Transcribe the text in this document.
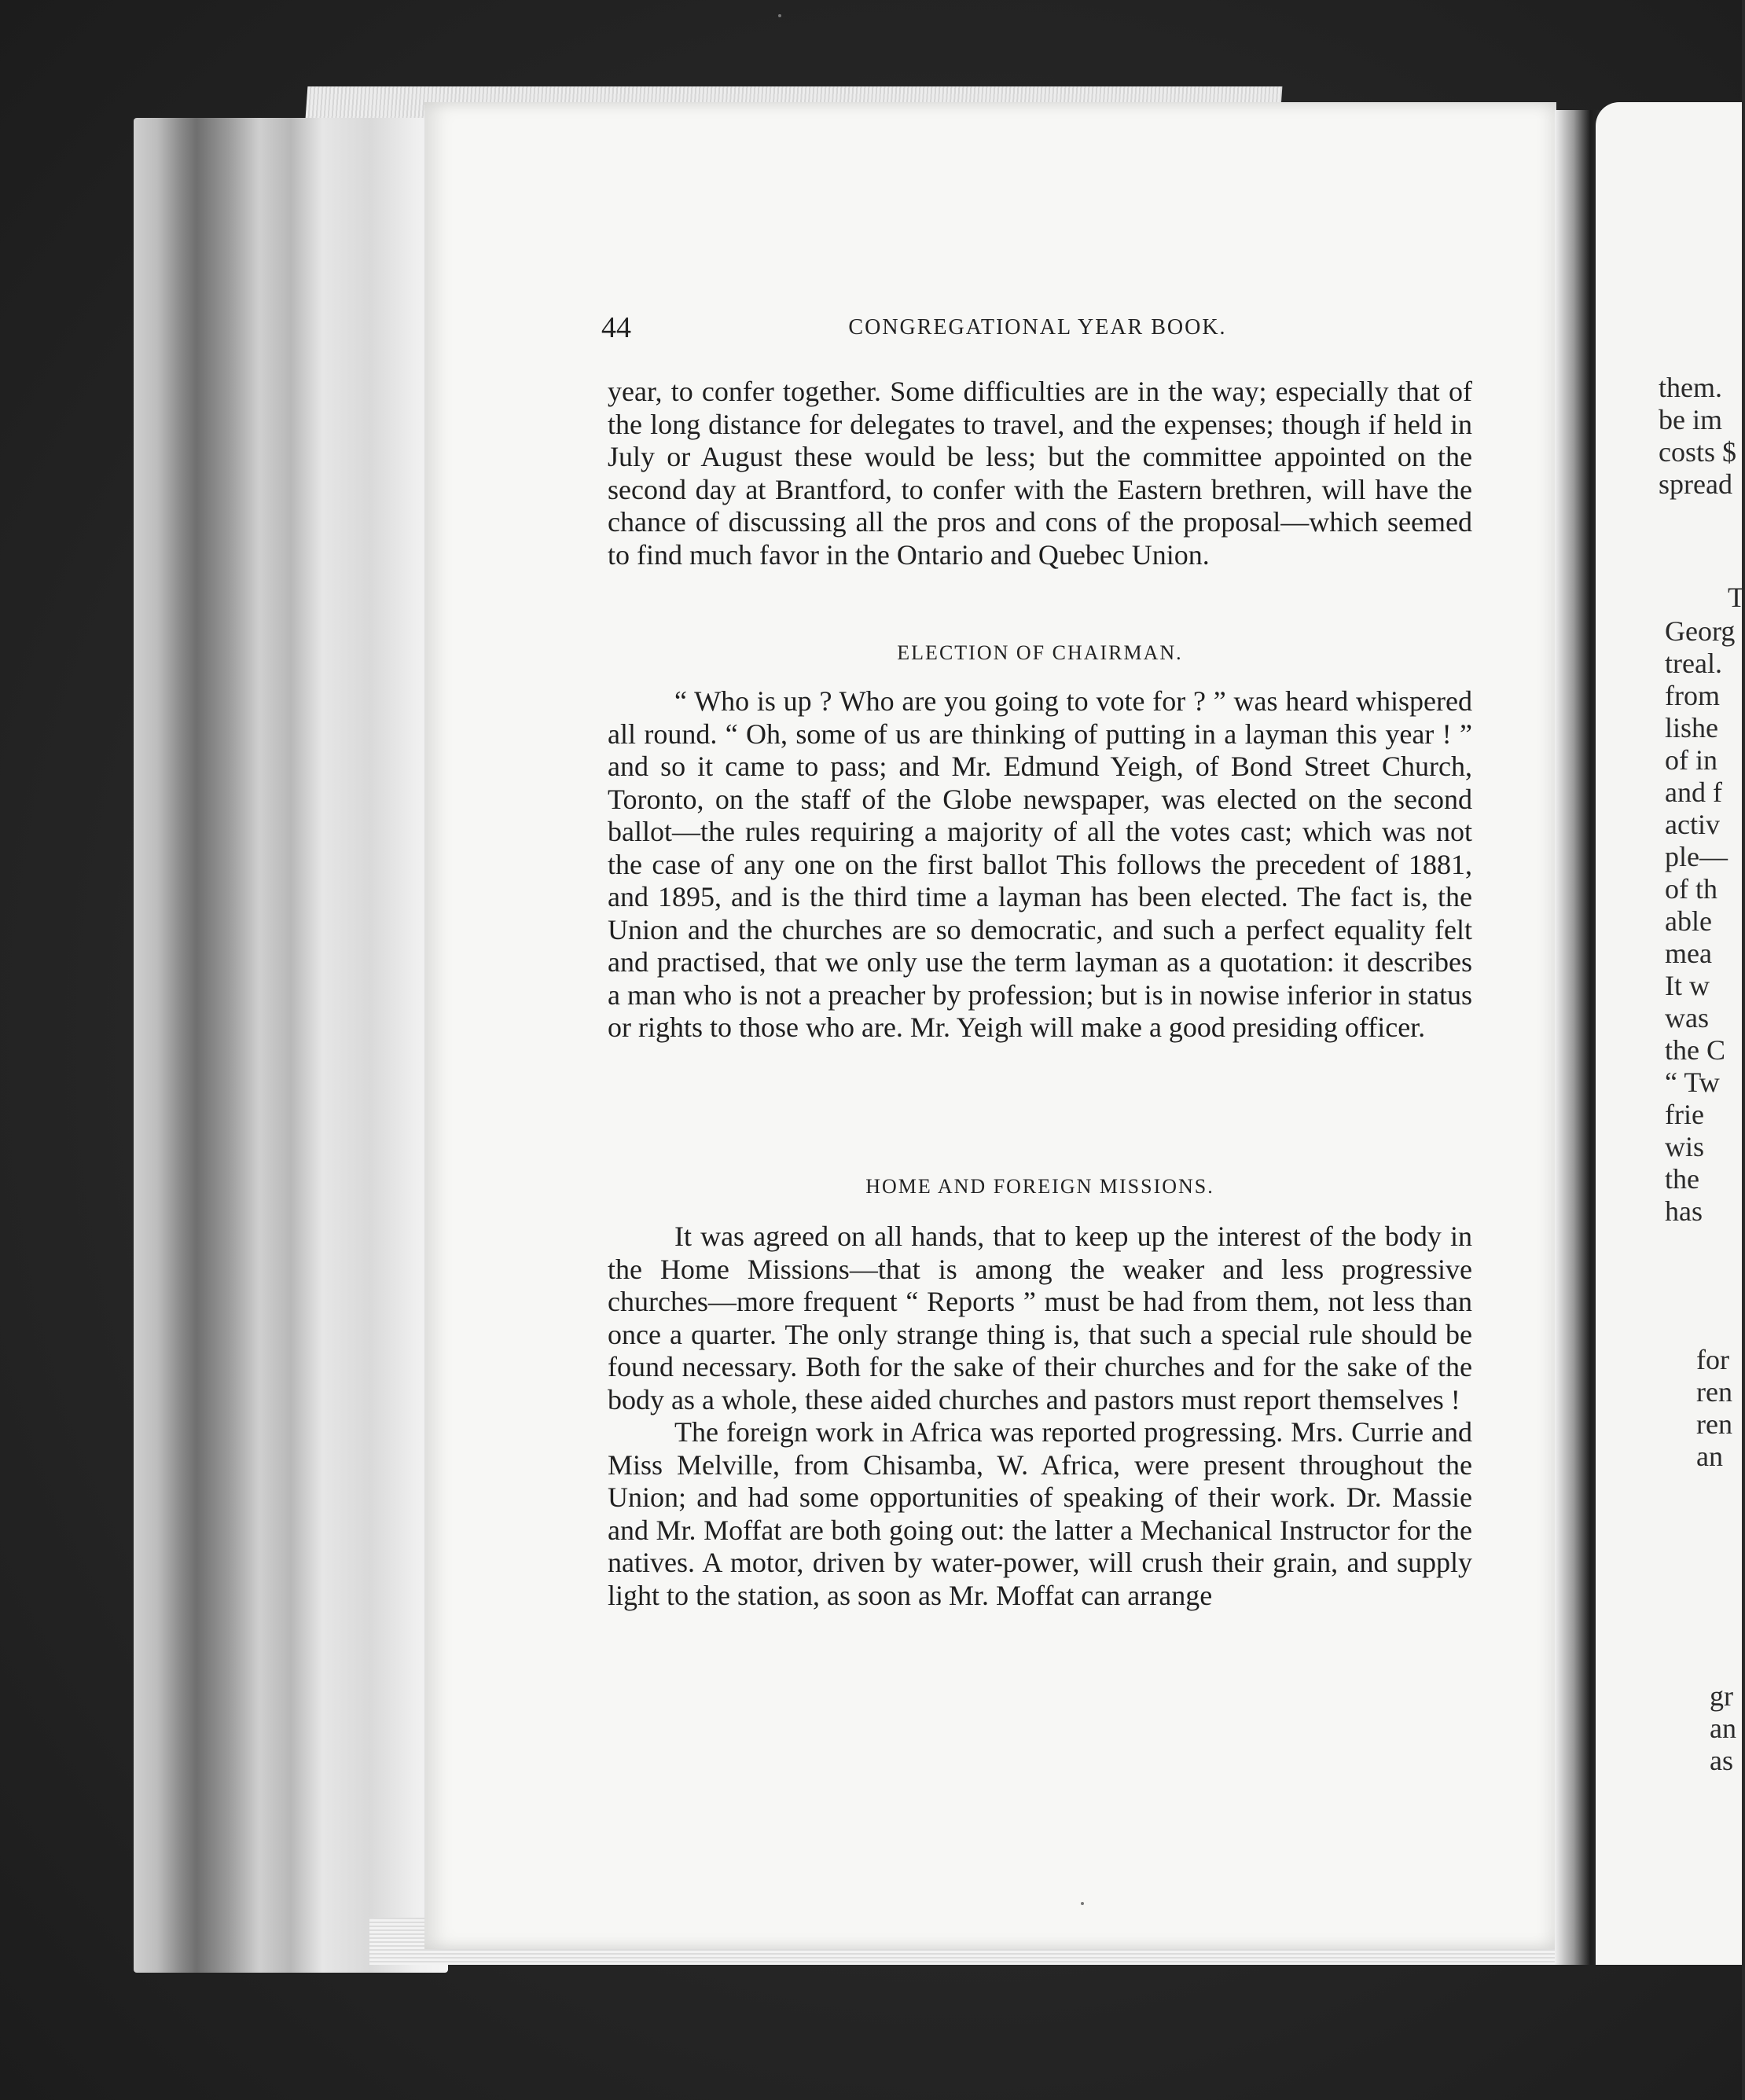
them.
be im
costs $
spread
T
Georg
treal.
from
lishe
of in
and f
activ
ple—
of th
able
mea
It w
was
the C
“ Tw
frie
wis
the
has
for
ren
ren
an
gr
an
as
44	CONGREGATIONAL YEAR BOOK.

year, to confer together. Some difficulties are in the way; especially that of the long distance for delegates to travel, and the expenses; though if held in July or August these would be less; but the committee appointed on the second day at Brantford, to confer with the Eastern brethren, will have the chance of discussing all the pros and cons of the proposal—which seemed to find much favor in the Ontario and Quebec Union.

ELECTION OF CHAIRMAN.

“ Who is up ? Who are you going to vote for ? ” was heard whispered all round. “ Oh, some of us are thinking of putting in a layman this year ! ” and so it came to pass; and Mr. Edmund Yeigh, of Bond Street Church, Toronto, on the staff of the Globe newspaper, was elected on the second ballot—the rules requiring a majority of all the votes cast; which was not the case of any one on the first ballot This follows the precedent of 1881, and 1895, and is the third time a layman has been elected. The fact is, the Union and the churches are so democratic, and such a perfect equality felt and practised, that we only use the term layman as a quotation: it describes a man who is not a preacher by profession; but is in nowise inferior in status or rights to those who are. Mr. Yeigh will make a good presiding officer.

HOME AND FOREIGN MISSIONS.

It was agreed on all hands, that to keep up the interest of the body in the Home Missions—that is among the weaker and less progressive churches—more frequent “ Reports ” must be had from them, not less than once a quarter. The only strange thing is, that such a special rule should be found necessary. Both for the sake of their churches and for the sake of the body as a whole, these aided churches and pastors must report themselves !

The foreign work in Africa was reported progressing. Mrs. Currie and Miss Melville, from Chisamba, W. Africa, were present throughout the Union; and had some opportunities of speaking of their work. Dr. Massie and Mr. Moffat are both going out: the latter a Mechanical Instructor for the natives. A motor, driven by water-power, will crush their grain, and supply light to the station, as soon as Mr. Moffat can arrange
